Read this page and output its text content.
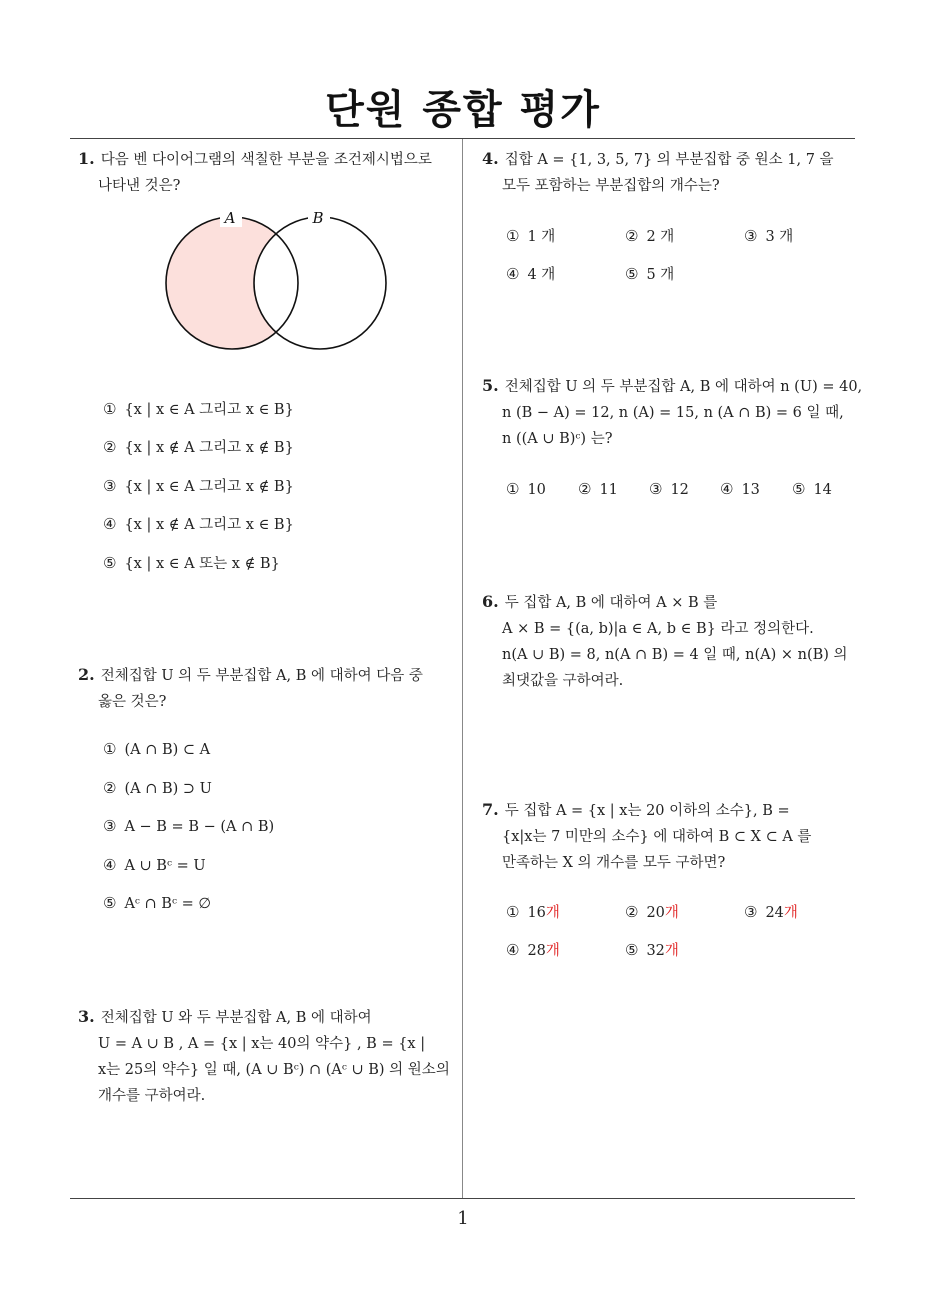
단원 종합 평가
1. 다음 벤 다이어그램의 색칠한 부분을 조건제시법으로
나타낸 것은?
A	B
① {x | x ∈ A 그리고 x ∈ B}
② {x | x ∉ A 그리고 x ∉ B}
③ {x | x ∈ A 그리고 x ∉ B}
④ {x | x ∉ A 그리고 x ∈ B}
⑤ {x | x ∈ A 또는 x ∉ B}
2. 전체집합 U 의 두 부분집합 A, B 에 대하여 다음 중
옳은 것은?
① (A ∩ B) ⊂ A
② (A ∩ B) ⊃ U
③ A − B = B − (A ∩ B)
④ A ∪ Bᶜ = U
⑤ Aᶜ ∩ Bᶜ = ∅
3. 전체집합 U 와 두 부분집합 A, B 에 대하여
U = A ∪ B , A = {x | x는 40의 약수} , B = {x |
x는 25의 약수} 일 때, (A ∪ Bᶜ) ∩ (Aᶜ ∪ B) 의 원소의
개수를 구하여라.
4. 집합 A = {1, 3, 5, 7} 의 부분집합 중 원소 1, 7 을
모두 포함하는 부분집합의 개수는?
① 1 개	② 2 개	③ 3 개
④ 4 개	⑤ 5 개
5. 전체집합 U 의 두 부분집합 A, B 에 대하여 n (U) = 40,
n (B − A) = 12, n (A) = 15, n (A ∩ B) = 6 일 때,
n ((A ∪ B)ᶜ) 는?
① 10 ② 11 ③ 12 ④ 13 ⑤ 14
6. 두 집합 A, B 에 대하여 A × B 를
A × B = {(a, b)|a ∈ A, b ∈ B} 라고 정의한다.
n(A ∪ B) = 8, n(A ∩ B) = 4 일 때, n(A) × n(B) 의
최댓값을 구하여라.
7. 두 집합 A = {x | x는 20 이하의 소수}, B =
{x|x는 7 미만의 소수} 에 대하여 B ⊂ X ⊂ A 를
만족하는 X 의 개수를 모두 구하면?
① 16개	② 20개	③ 24개
④ 28개	⑤ 32개
1
